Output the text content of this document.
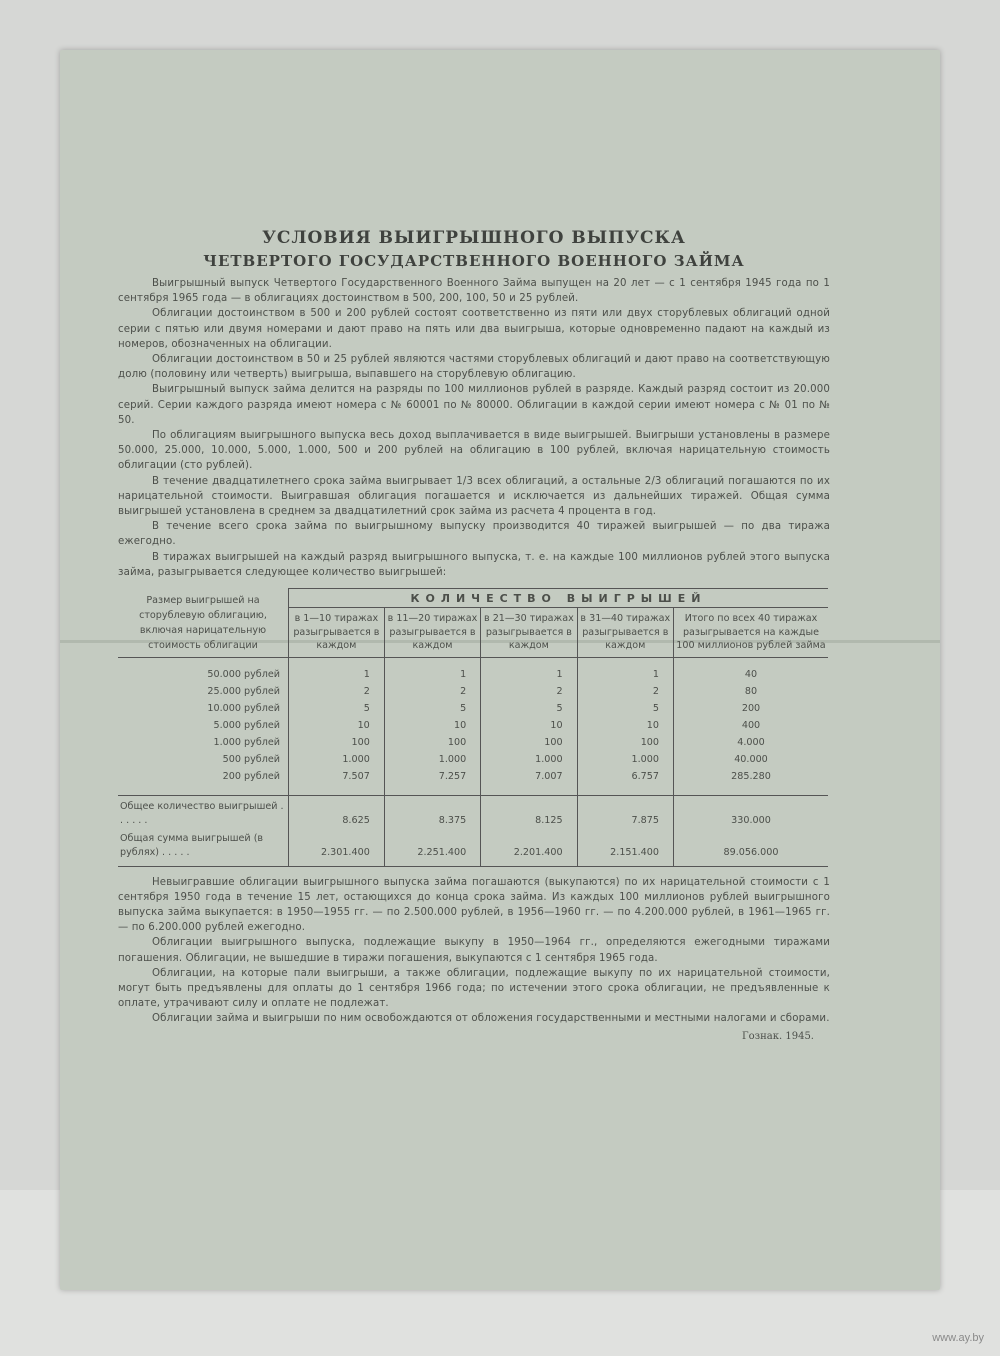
УСЛОВИЯ ВЫИГРЫШНОГО ВЫПУСКА
ЧЕТВЕРТОГО ГОСУДАРСТВЕННОГО ВОЕННОГО ЗАЙМА

Выигрышный выпуск Четвертого Государственного Военного Займа выпущен на 20 лет — с 1 сентября 1945 года по 1 сентября 1965 года — в облигациях достоинством в 500, 200, 100, 50 и 25 рублей.

Облигации достоинством в 500 и 200 рублей состоят соответственно из пяти или двух сторублевых облигаций одной серии с пятью или двумя номерами и дают право на пять или два выигрыша, которые одновременно падают на каждый из номеров, обозначенных на облигации.

Облигации достоинством в 50 и 25 рублей являются частями сторублевых облигаций и дают право на соответствующую долю (половину или четверть) выигрыша, выпавшего на сторублевую облигацию.

Выигрышный выпуск займа делится на разряды по 100 миллионов рублей в разряде. Каждый разряд состоит из 20.000 серий. Серии каждого разряда имеют номера с № 60001 по № 80000. Облигации в каждой серии имеют номера с № 01 по № 50.

По облигациям выигрышного выпуска весь доход выплачивается в виде выигрышей. Выигрыши установлены в размере 50.000, 25.000, 10.000, 5.000, 1.000, 500 и 200 рублей на облигацию в 100 рублей, включая нарицательную стоимость облигации (сто рублей).

В течение двадцатилетнего срока займа выигрывает 1/3 всех облигаций, а остальные 2/3 облигаций погашаются по их нарицательной стоимости. Выигравшая облигация погашается и исключается из дальнейших тиражей. Общая сумма выигрышей установлена в среднем за двадцатилетний срок займа из расчета 4 процента в год.

В течение всего срока займа по выигрышному выпуску производится 40 тиражей выигрышей — по два тиража ежегодно.

В тиражах выигрышей на каждый разряд выигрышного выпуска, т. е. на каждые 100 миллионов рублей этого выпуска займа, разыгрывается следующее количество выигрышей:

Размер выигрышей на сторублевую облигацию, включая нарицательную стоимость облигации	КОЛИЧЕСТВО ВЫИГРЫШЕЙ				
	в 1—10 тиражах разыгрывается в каждом	в 11—20 тиражах разыгрывается в каждом	в 21—30 тиражах разыгрывается в каждом	в 31—40 тиражах разыгрывается в каждом	Итого по всех 40 тиражах разыгрывается на каждые 100 миллионов рублей займа

50.000 рублей	1	1	1	1	40
25.000 рублей	2	2	2	2	80
10.000 рублей	5	5	5	5	200
5.000 рублей	10	10	10	10	400
1.000 рублей	100	100	100	100	4.000
500 рублей	1.000	1.000	1.000	1.000	40.000
200 рублей	7.507	7.257	7.007	6.757	285.280

Общее количество выигрышей . . . . . .	8.625	8.375	8.125	7.875	330.000
Общая сумма выигрышей (в рублях) . . . . .	2.301.400	2.251.400	2.201.400	2.151.400	89.056.000

Невыигравшие облигации выигрышного выпуска займа погашаются (выкупаются) по их нарицательной стоимости с 1 сентября 1950 года в течение 15 лет, остающихся до конца срока займа. Из каждых 100 миллионов рублей выигрышного выпуска займа выкупается: в 1950—1955 гг. — по 2.500.000 рублей, в 1956—1960 гг. — по 4.200.000 рублей, в 1961—1965 гг. — по 6.200.000 рублей ежегодно.

Облигации выигрышного выпуска, подлежащие выкупу в 1950—1964 гг., определяются ежегодными тиражами погашения. Облигации, не вышедшие в тиражи погашения, выкупаются с 1 сентября 1965 года.

Облигации, на которые пали выигрыши, а также облигации, подлежащие выкупу по их нарицательной стоимости, могут быть предъявлены для оплаты до 1 сентября 1966 года; по истечении этого срока облигации, не предъявленные к оплате, утрачивают силу и оплате не подлежат.

Облигации займа и выигрыши по ним освобождаются от обложения государственными и местными налогами и сборами.

Гознак. 1945.
www.ay.by
